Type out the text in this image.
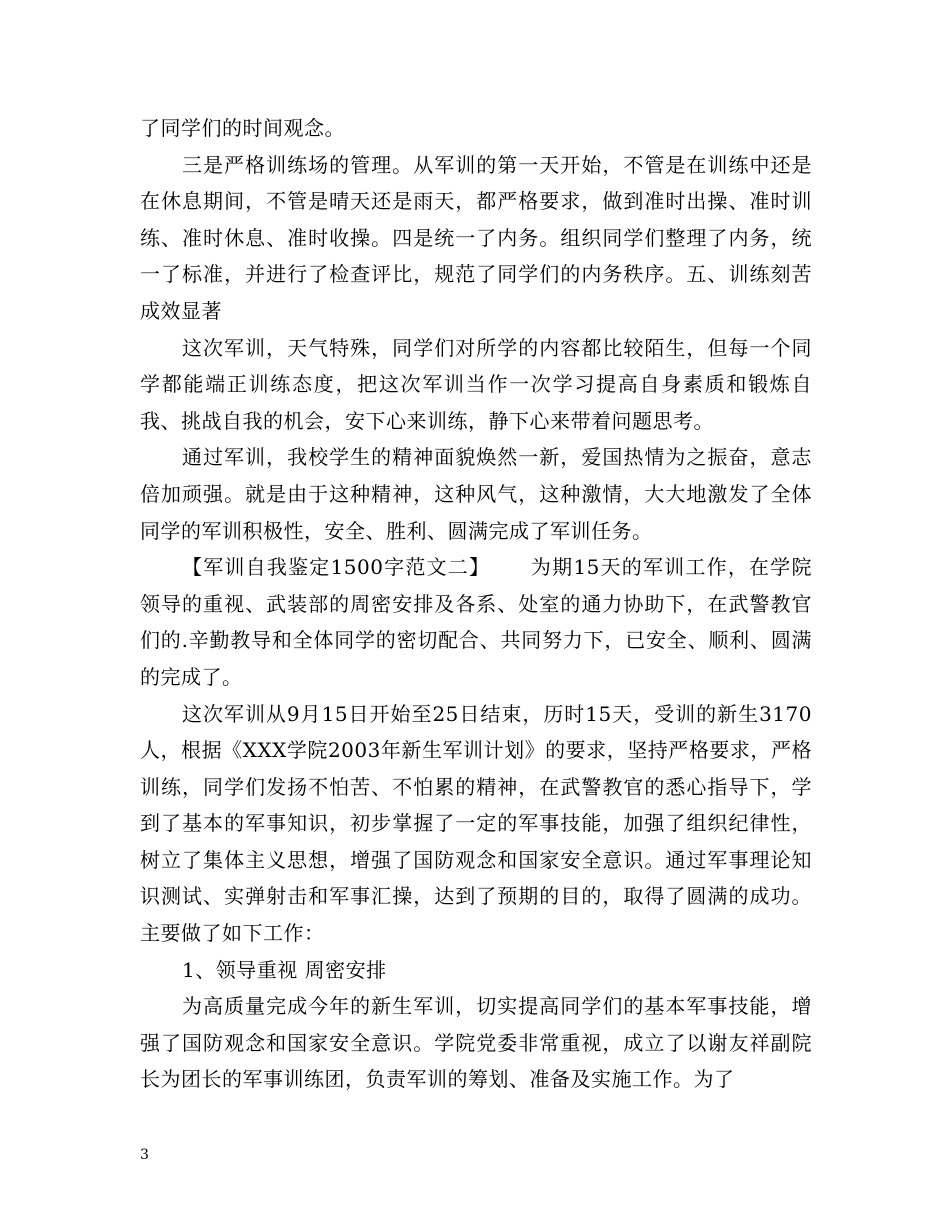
了同学们的时间观念。

三是严格训练场的管理。从军训的第一天开始，不管是在训练中还是在休息期间，不管是晴天还是雨天，都严格要求，做到准时出操、准时训练、准时休息、准时收操。四是统一了内务。组织同学们整理了内务，统一了标准，并进行了检查评比，规范了同学们的内务秩序。五、训练刻苦成效显著

这次军训，天气特殊，同学们对所学的内容都比较陌生，但每一个同学都能端正训练态度，把这次军训当作一次学习提高自身素质和锻炼自我、挑战自我的机会，安下心来训练，静下心来带着问题思考。

通过军训，我校学生的精神面貌焕然一新，爱国热情为之振奋，意志倍加顽强。就是由于这种精神，这种风气，这种激情，大大地激发了全体同学的军训积极性，安全、胜利、圆满完成了军训任务。

【军训自我鉴定1500字范文二】 为期15天的军训工作，在学院领导的重视、武装部的周密安排及各系、处室的通力协助下，在武警教官们的.辛勤教导和全体同学的密切配合、共同努力下，已安全、顺利、圆满的完成了。

这次军训从9月15日开始至25日结束，历时15天，受训的新生3170人，根据《XXX学院2003年新生军训计划》的要求，坚持严格要求，严格训练，同学们发扬不怕苦、不怕累的精神，在武警教官的悉心指导下，学到了基本的军事知识，初步掌握了一定的军事技能，加强了组织纪律性，树立了集体主义思想，增强了国防观念和国家安全意识。通过军事理论知识测试、实弹射击和军事汇操，达到了预期的目的，取得了圆满的成功。主要做了如下工作：

1、领导重视 周密安排

为高质量完成今年的新生军训，切实提高同学们的基本军事技能，增强了国防观念和国家安全意识。学院党委非常重视，成立了以谢友祥副院长为团长的军事训练团，负责军训的筹划、准备及实施工作。为了

3
